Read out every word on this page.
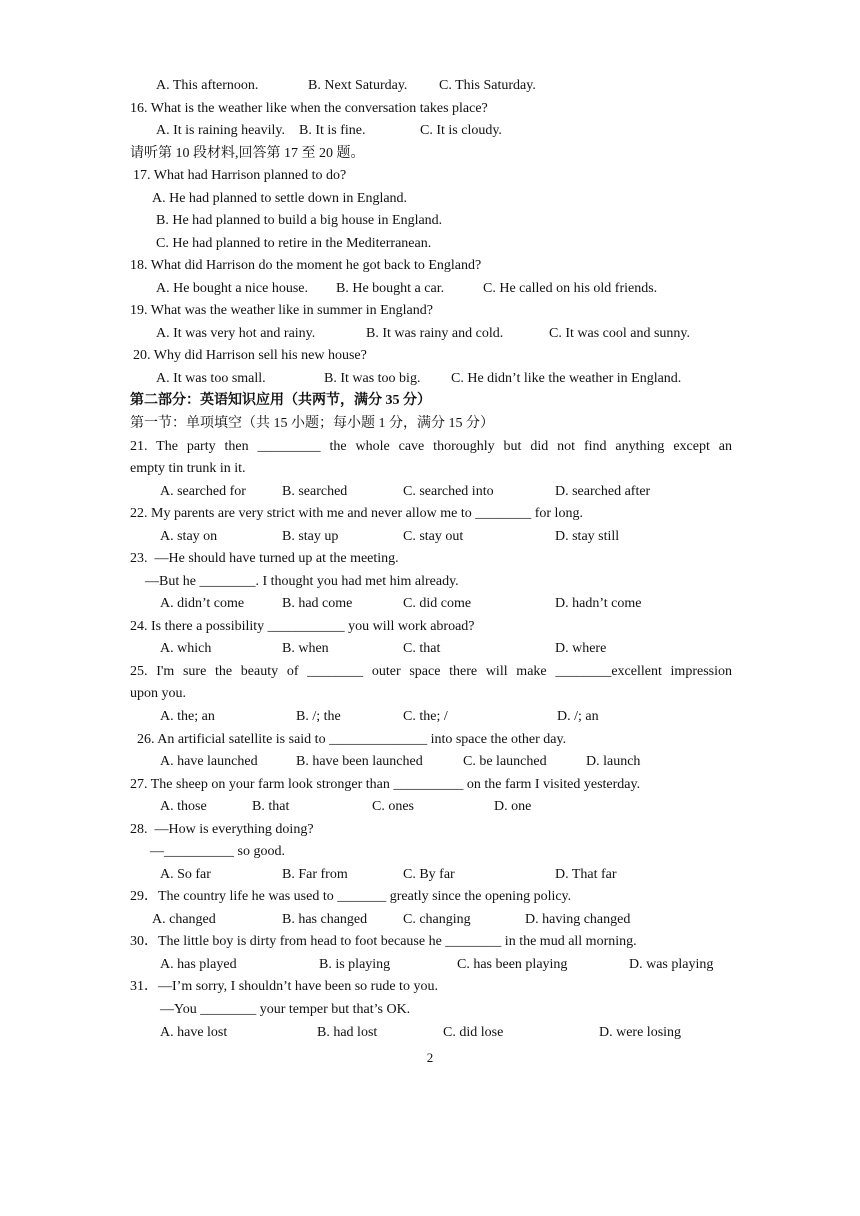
A. This afternoon.

	B. Next Saturday.

C. This Saturday.

16. What is the weather like when the conversation takes place?

A. It is raining heavily.

B. It is fine.

	C. It is cloudy.

请听第 10 段材料,回答第 17 至 20 题。
17. What had Harrison planned to do?
A. He had planned to settle down in England.
B. He had planned to build a big house in England.
C. He had planned to retire in the Mediterranean.
18. What did Harrison do the moment he got back to England?

A. He bought a nice house.

B. He bought a car.

	C. He called on his old friends.

19. What was the weather like in summer in England?

A. It was very hot and rainy.

	B. It was rainy and cold.

	C. It was cool and sunny.

20. Why did Harrison sell his new house?

A. It was too small.

	B. It was too big.

C. He didn’t like the weather in England.

第二部分：英语知识应用（共两节，满分 35 分）
第一节：单项填空（共 15 小题；每小题 1 分，满分 15 分）
21. The party then _________ the whole cave thoroughly but did not find anything except an
empty tin trunk in it.

A. searched for

	B. searched

	C. searched into

	D. searched after

22. My parents are very strict with me and never allow me to ________ for long.

A. stay on

	B. stay up

	C. stay out

	D. stay still

23.  —He should have turned up at the meeting.
—But he ________. I thought you had met him already.

A. didn’t come

	B. had come

	C. did come

	D. hadn’t come

24. Is there a possibility ___________ you will work abroad?

A. which

	B. when

	C. that

	D. where

25. I'm sure the beauty of ________ outer space there will make ________excellent impression
upon you.

A. the; an

	B. /; the

	C. the; /

	D. /; an

26. An artificial satellite is said to ______________ into space the other day.

A. have launched

	B. have been launched

	C. be launched

	D. launch

27. The sheep on your farm look stronger than __________ on the farm I visited yesterday.

A. those

	B. that

	C. ones

	D. one

28.  —How is everything doing?
—__________ so good.

A. So far

	B. Far from

	C. By far

	D. That far

29．The country life he was used to _______ greatly since the opening policy.

A. changed

	B. has changed

	C. changing

	D. having changed

30．The little boy is dirty from head to foot because he ________ in the mud all morning.

A. has played

	B. is playing

	C. has been playing

	D. was playing

31．—I’m sorry, I shouldn’t have been so rude to you.
—You ________ your temper but that’s OK.

A. have lost

	B. had lost

	C. did lose

	D. were losing

2
